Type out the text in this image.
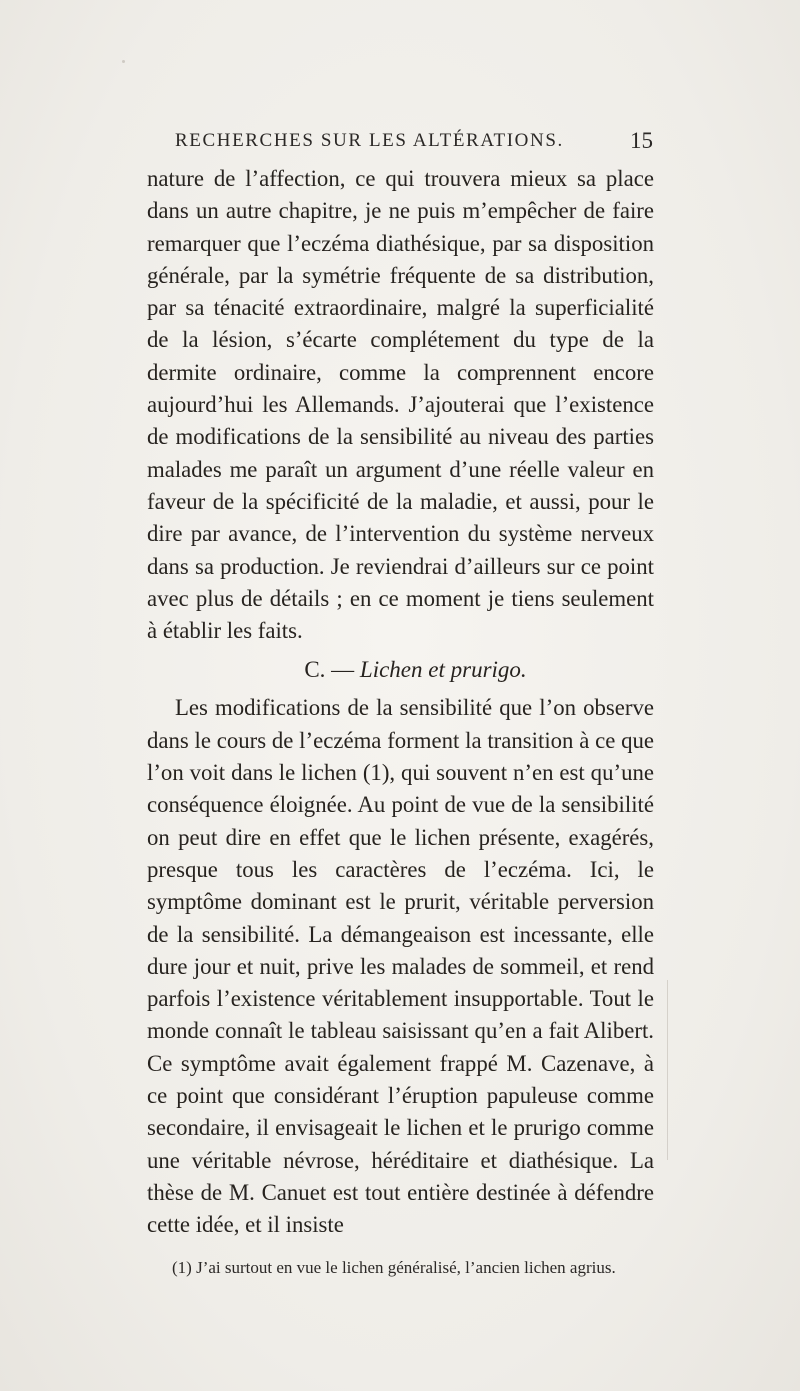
RECHERCHES SUR LES ALTÉRATIONS.	15

nature de l’affection, ce qui trouvera mieux sa place dans un autre chapitre, je ne puis m’empêcher de faire remarquer que l’eczéma diathésique, par sa disposition générale, par la symétrie fréquente de sa distribution, par sa ténacité extraordinaire, malgré la superficialité de la lésion, s’écarte complétement du type de la dermite ordinaire, comme la comprennent encore aujourd’hui les Allemands. J’ajouterai que l’existence de modifications de la sensibilité au niveau des parties malades me paraît un argument d’une réelle valeur en faveur de la spécificité de la maladie, et aussi, pour le dire par avance, de l’intervention du système nerveux dans sa production. Je reviendrai d’ailleurs sur ce point avec plus de détails ; en ce moment je tiens seulement à établir les faits.

C. — Lichen et prurigo.

Les modifications de la sensibilité que l’on observe dans le cours de l’eczéma forment la transition à ce que l’on voit dans le lichen (1), qui souvent n’en est qu’une conséquence éloignée. Au point de vue de la sensibilité on peut dire en effet que le lichen présente, exagérés, presque tous les caractères de l’eczéma. Ici, le symptôme dominant est le prurit, véritable perversion de la sensibilité. La démangeaison est incessante, elle dure jour et nuit, prive les malades de sommeil, et rend parfois l’existence véritablement insupportable. Tout le monde connaît le tableau saisissant qu’en a fait Alibert. Ce symptôme avait également frappé M. Cazenave, à ce point que considérant l’éruption papuleuse comme secondaire, il envisageait le lichen et le prurigo comme une véritable névrose, héréditaire et diathésique. La thèse de M. Canuet est tout entière destinée à défendre cette idée, et il insiste

(1) J’ai surtout en vue le lichen généralisé, l’ancien lichen agrius.
